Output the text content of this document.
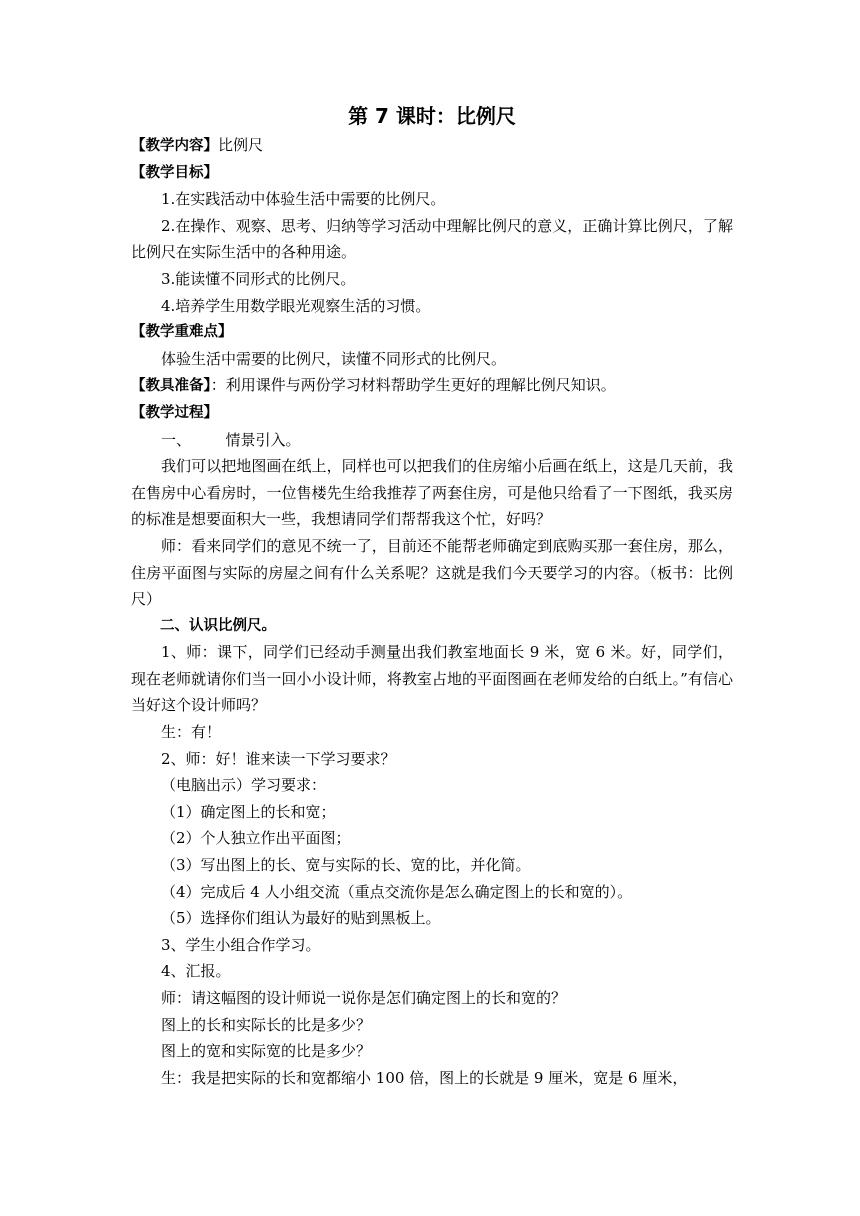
第 7 课时：比例尺
【教学内容】比例尺
【教学目标】
1.在实践活动中体验生活中需要的比例尺。
2.在操作、观察、思考、归纳等学习活动中理解比例尺的意义，正确计算比例尺，了解比例尺在实际生活中的各种用途。
3.能读懂不同形式的比例尺。
4.培养学生用数学眼光观察生活的习惯。
【教学重难点】
体验生活中需要的比例尺，读懂不同形式的比例尺。
【教具准备】：利用课件与两份学习材料帮助学生更好的理解比例尺知识。
【教学过程】
一、 情景引入。
我们可以把地图画在纸上，同样也可以把我们的住房缩小后画在纸上，这是几天前，我在售房中心看房时，一位售楼先生给我推荐了两套住房，可是他只给看了一下图纸，我买房的标准是想要面积大一些，我想请同学们帮帮我这个忙，好吗？
师：看来同学们的意见不统一了，目前还不能帮老师确定到底购买那一套住房，那么，住房平面图与实际的房屋之间有什么关系呢？这就是我们今天要学习的内容。（板书：比例尺）
二、认识比例尺。
1、师：课下，同学们已经动手测量出我们教室地面长 9 米，宽 6 米。好，同学们，现在老师就请你们当一回小小设计师，将教室占地的平面图画在老师发给的白纸上。”有信心当好这个设计师吗？
生：有！
2、师：好！谁来读一下学习要求？
（电脑出示）学习要求：
（1）确定图上的长和宽；
（2）个人独立作出平面图；
（3）写出图上的长、宽与实际的长、宽的比，并化简。
（4）完成后 4 人小组交流（重点交流你是怎么确定图上的长和宽的）。
（5）选择你们组认为最好的贴到黑板上。
3、学生小组合作学习。
4、汇报。
师：请这幅图的设计师说一说你是怎们确定图上的长和宽的？
图上的长和实际长的比是多少？
图上的宽和实际宽的比是多少？
生：我是把实际的长和宽都缩小 100 倍，图上的长就是 9 厘米，宽是 6 厘米，
